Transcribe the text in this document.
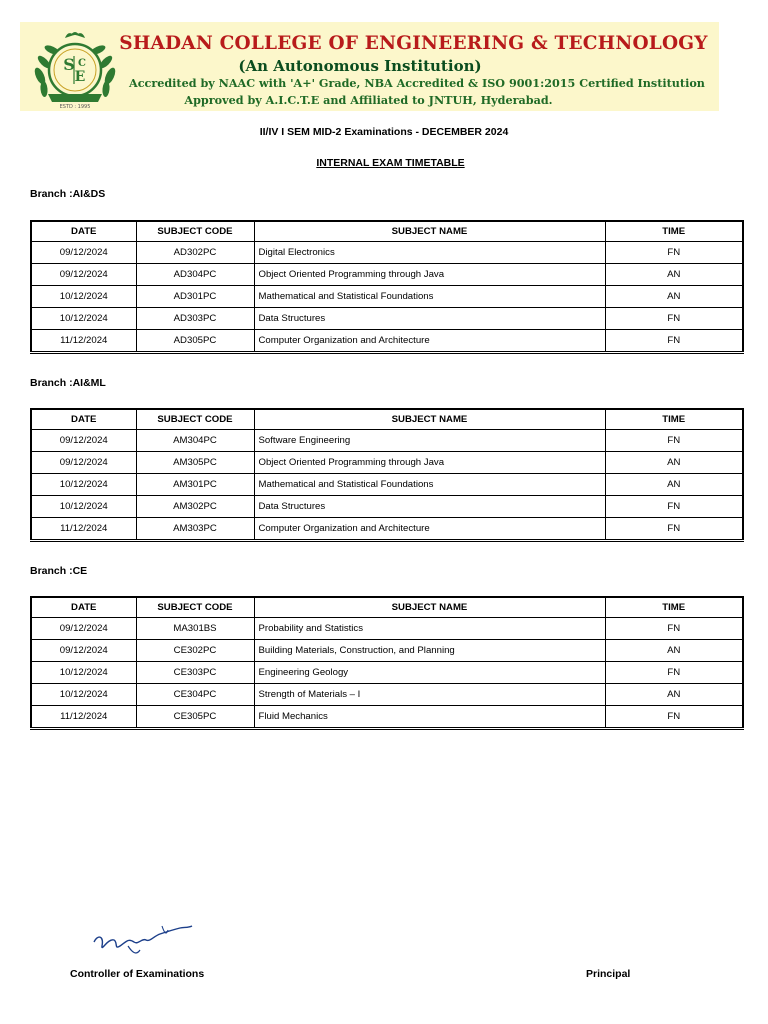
S C
E
ESTD : 1995
SHADAN COLLEGE OF ENGINEERING & TECHNOLOGY
(An Autonomous Institution)
Accredited by NAAC with 'A+' Grade, NBA Accredited & ISO 9001:2015 Certified Institution
Approved by A.I.C.T.E and Affiliated to JNTUH, Hyderabad.
II/IV I SEM MID-2 Examinations - DECEMBER 2024
INTERNAL EXAM TIMETABLE
Branch :AI&DS
DATE	SUBJECT CODE	SUBJECT NAME	TIME
09/12/2024	AD302PC	Digital Electronics	FN
09/12/2024	AD304PC	Object Oriented Programming through Java	AN
10/12/2024	AD301PC	Mathematical and Statistical Foundations	AN
10/12/2024	AD303PC	Data Structures	FN
11/12/2024	AD305PC	Computer Organization and Architecture	FN
Branch :AI&ML
DATE	SUBJECT CODE	SUBJECT NAME	TIME
09/12/2024	AM304PC	Software Engineering	FN
09/12/2024	AM305PC	Object Oriented Programming through Java	AN
10/12/2024	AM301PC	Mathematical and Statistical Foundations	AN
10/12/2024	AM302PC	Data Structures	FN
11/12/2024	AM303PC	Computer Organization and Architecture	FN
Branch :CE
DATE	SUBJECT CODE	SUBJECT NAME	TIME
09/12/2024	MA301BS	Probability and Statistics	FN
09/12/2024	CE302PC	Building Materials, Construction, and Planning	AN
10/12/2024	CE303PC	Engineering Geology	FN
10/12/2024	CE304PC	Strength of Materials – I	AN
11/12/2024	CE305PC	Fluid Mechanics	FN
Controller of Examinations	Principal
